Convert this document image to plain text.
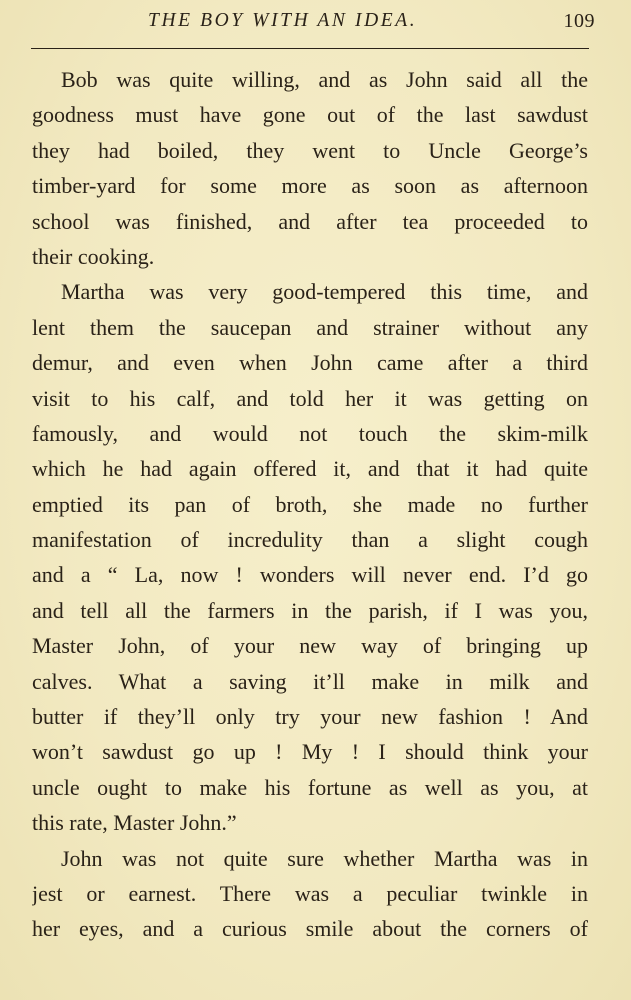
THE BOY WITH AN IDEA.	109
Bob was quite willing, and as John said all the
goodness must have gone out of the last sawdust
they had boiled, they went to Uncle George’s
timber-yard for some more as soon as afternoon
school was finished, and after tea proceeded to
their cooking.
Martha was very good-tempered this time, and
lent them the saucepan and strainer without any
demur, and even when John came after a third
visit to his calf, and told her it was getting on
famously, and would not touch the skim-milk
which he had again offered it, and that it had quite
emptied its pan of broth, she made no further
manifestation of incredulity than a slight cough
and a “ La, now ! wonders will never end. I’d go
and tell all the farmers in the parish, if I was you,
Master John, of your new way of bringing up
calves. What a saving it’ll make in milk and
butter if they’ll only try your new fashion ! And
won’t sawdust go up ! My ! I should think your
uncle ought to make his fortune as well as you, at
this rate, Master John.”
John was not quite sure whether Martha was in
jest or earnest. There was a peculiar twinkle in
her eyes, and a curious smile about the corners of
